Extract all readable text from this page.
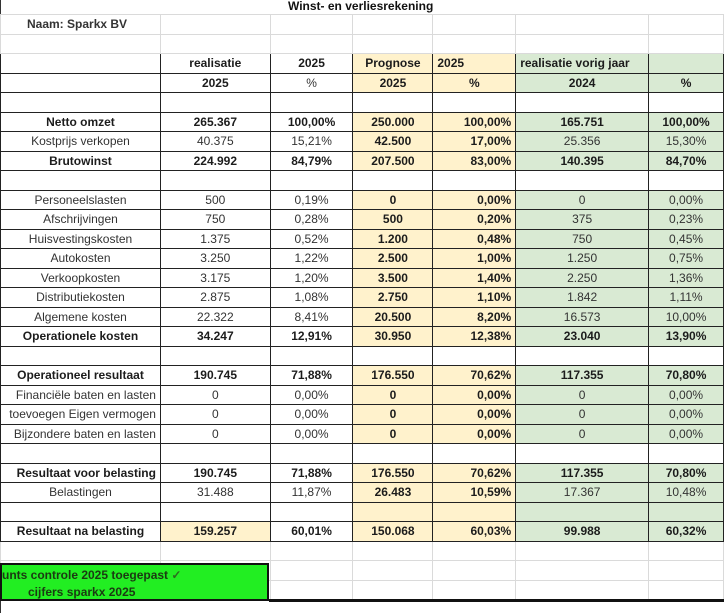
Winst- en verliesrekening
Naam: Sparkx BV						

	realisatie	2025	Prognose	2025	realisatie vorig jaar	
	2025	%	2025	%	2024	%

Netto omzet	265.367	100,00%	250.000	100,00%	165.751	100,00%
Kostprijs verkopen	40.375	15,21%	42.500	17,00%	25.356	15,30%
Brutowinst	224.992	84,79%	207.500	83,00%	140.395	84,70%

Personeelslasten	500	0,19%	0	0,00%	0	0,00%
Afschrijvingen	750	0,28%	500	0,20%	375	0,23%
Huisvestingskosten	1.375	0,52%	1.200	0,48%	750	0,45%
Autokosten	3.250	1,22%	2.500	1,00%	1.250	0,75%
Verkoopkosten	3.175	1,20%	3.500	1,40%	2.250	1,36%
Distributiekosten	2.875	1,08%	2.750	1,10%	1.842	1,11%
Algemene kosten	22.322	8,41%	20.500	8,20%	16.573	10,00%
Operationele kosten	34.247	12,91%	30.950	12,38%	23.040	13,90%

Operationeel resultaat	190.745	71,88%	176.550	70,62%	117.355	70,80%
Financiële baten en lasten	0	0,00%	0	0,00%	0	0,00%
toevoegen Eigen vermogen	0	0,00%	0	0,00%	0	0,00%
Bijzondere baten en lasten	0	0,00%	0	0,00%	0	0,00%

Resultaat voor belasting	190.745	71,88%	176.550	70,62%	117.355	70,80%
Belastingen	31.488	11,87%	26.483	10,59%	17.367	10,48%

Resultaat na belasting	159.257	60,01%	150.068	60,03%	99.988	60,32%

unts controle 2025 toegepast ✓
cijfers sparkx 2025
